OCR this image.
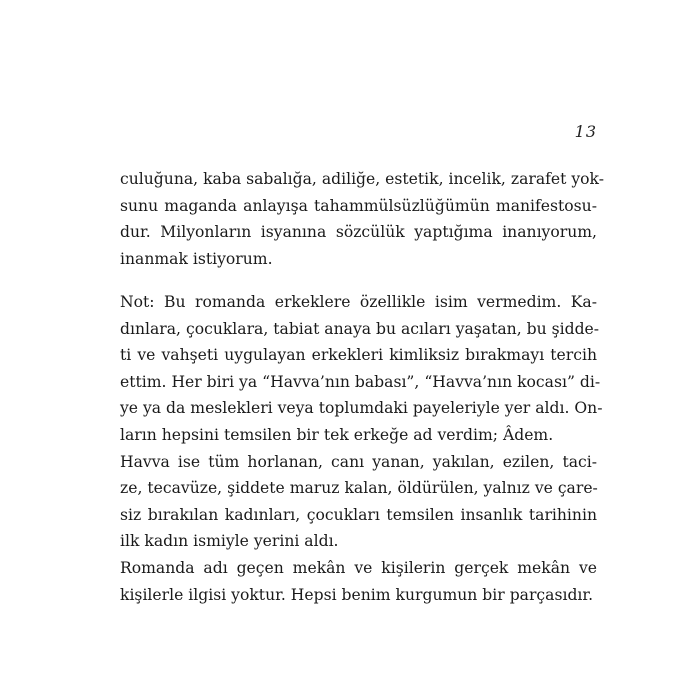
13
culuğuna, kaba sabalığa, adiliğe, estetik, incelik, zarafet yok-
sunu maganda anlayışa tahammülsüzlüğümün manifestosu-
dur. Milyonların isyanına sözcülük yaptığıma inanıyorum,
inanmak istiyorum.
Not: Bu romanda erkeklere özellikle isim vermedim. Ka-
dınlara, çocuklara, tabiat anaya bu acıları yaşatan, bu şidde-
ti ve vahşeti uygulayan erkekleri kimliksiz bırakmayı tercih
ettim. Her biri ya “Havva’nın babası”, “Havva’nın kocası” di-
ye ya da meslekleri veya toplumdaki payeleriyle yer aldı. On-
ların hepsini temsilen bir tek erkeğe ad verdim; Âdem.
Havva ise tüm horlanan, canı yanan, yakılan, ezilen, taci-
ze, tecavüze, şiddete maruz kalan, öldürülen, yalnız ve çare-
siz bırakılan kadınları, çocukları temsilen insanlık tarihinin
ilk kadın ismiyle yerini aldı.
Romanda adı geçen mekân ve kişilerin gerçek mekân ve
kişilerle ilgisi yoktur. Hepsi benim kurgumun bir parçasıdır.
